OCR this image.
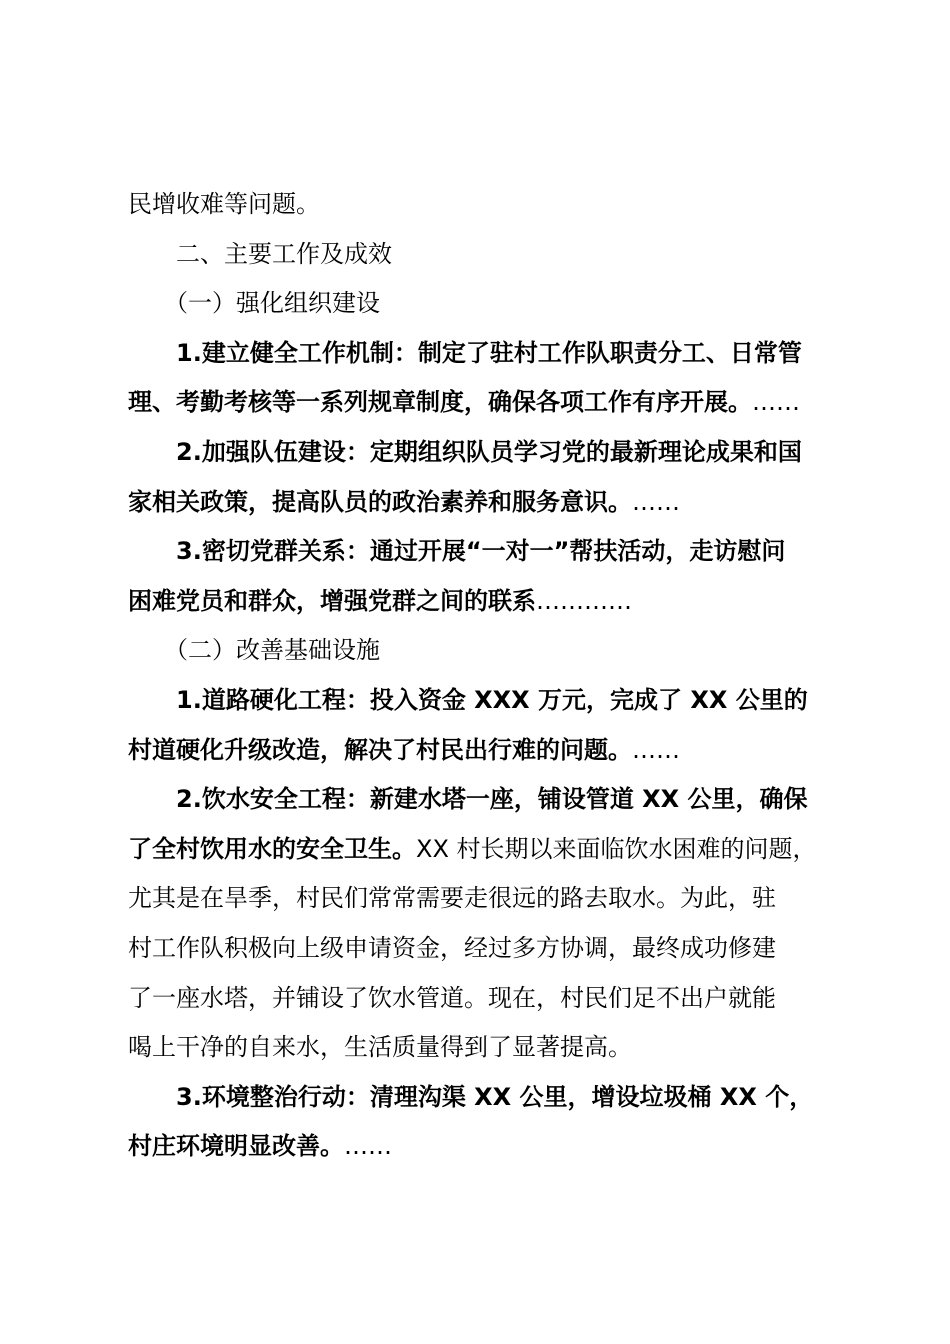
民增收难等问题。

二、主要工作及成效

（一）强化组织建设

1.建立健全工作机制：制定了驻村工作队职责分工、日常管

理、考勤考核等一系列规章制度，确保各项工作有序开展。……

2.加强队伍建设：定期组织队员学习党的最新理论成果和国

家相关政策，提高队员的政治素养和服务意识。……

3.密切党群关系：通过开展“一对一”帮扶活动，走访慰问

困难党员和群众，增强党群之间的联系…………

（二）改善基础设施

1.道路硬化工程：投入资金 XXX 万元，完成了 XX 公里的

村道硬化升级改造，解决了村民出行难的问题。……

2.饮水安全工程：新建水塔一座，铺设管道 XX 公里，确保

了全村饮用水的安全卫生。XX 村长期以来面临饮水困难的问题，

尤其是在旱季，村民们常常需要走很远的路去取水。为此，驻

村工作队积极向上级申请资金，经过多方协调，最终成功修建

了一座水塔，并铺设了饮水管道。现在，村民们足不出户就能

喝上干净的自来水，生活质量得到了显著提高。

3.环境整治行动：清理沟渠 XX 公里，增设垃圾桶 XX 个，

村庄环境明显改善。……
